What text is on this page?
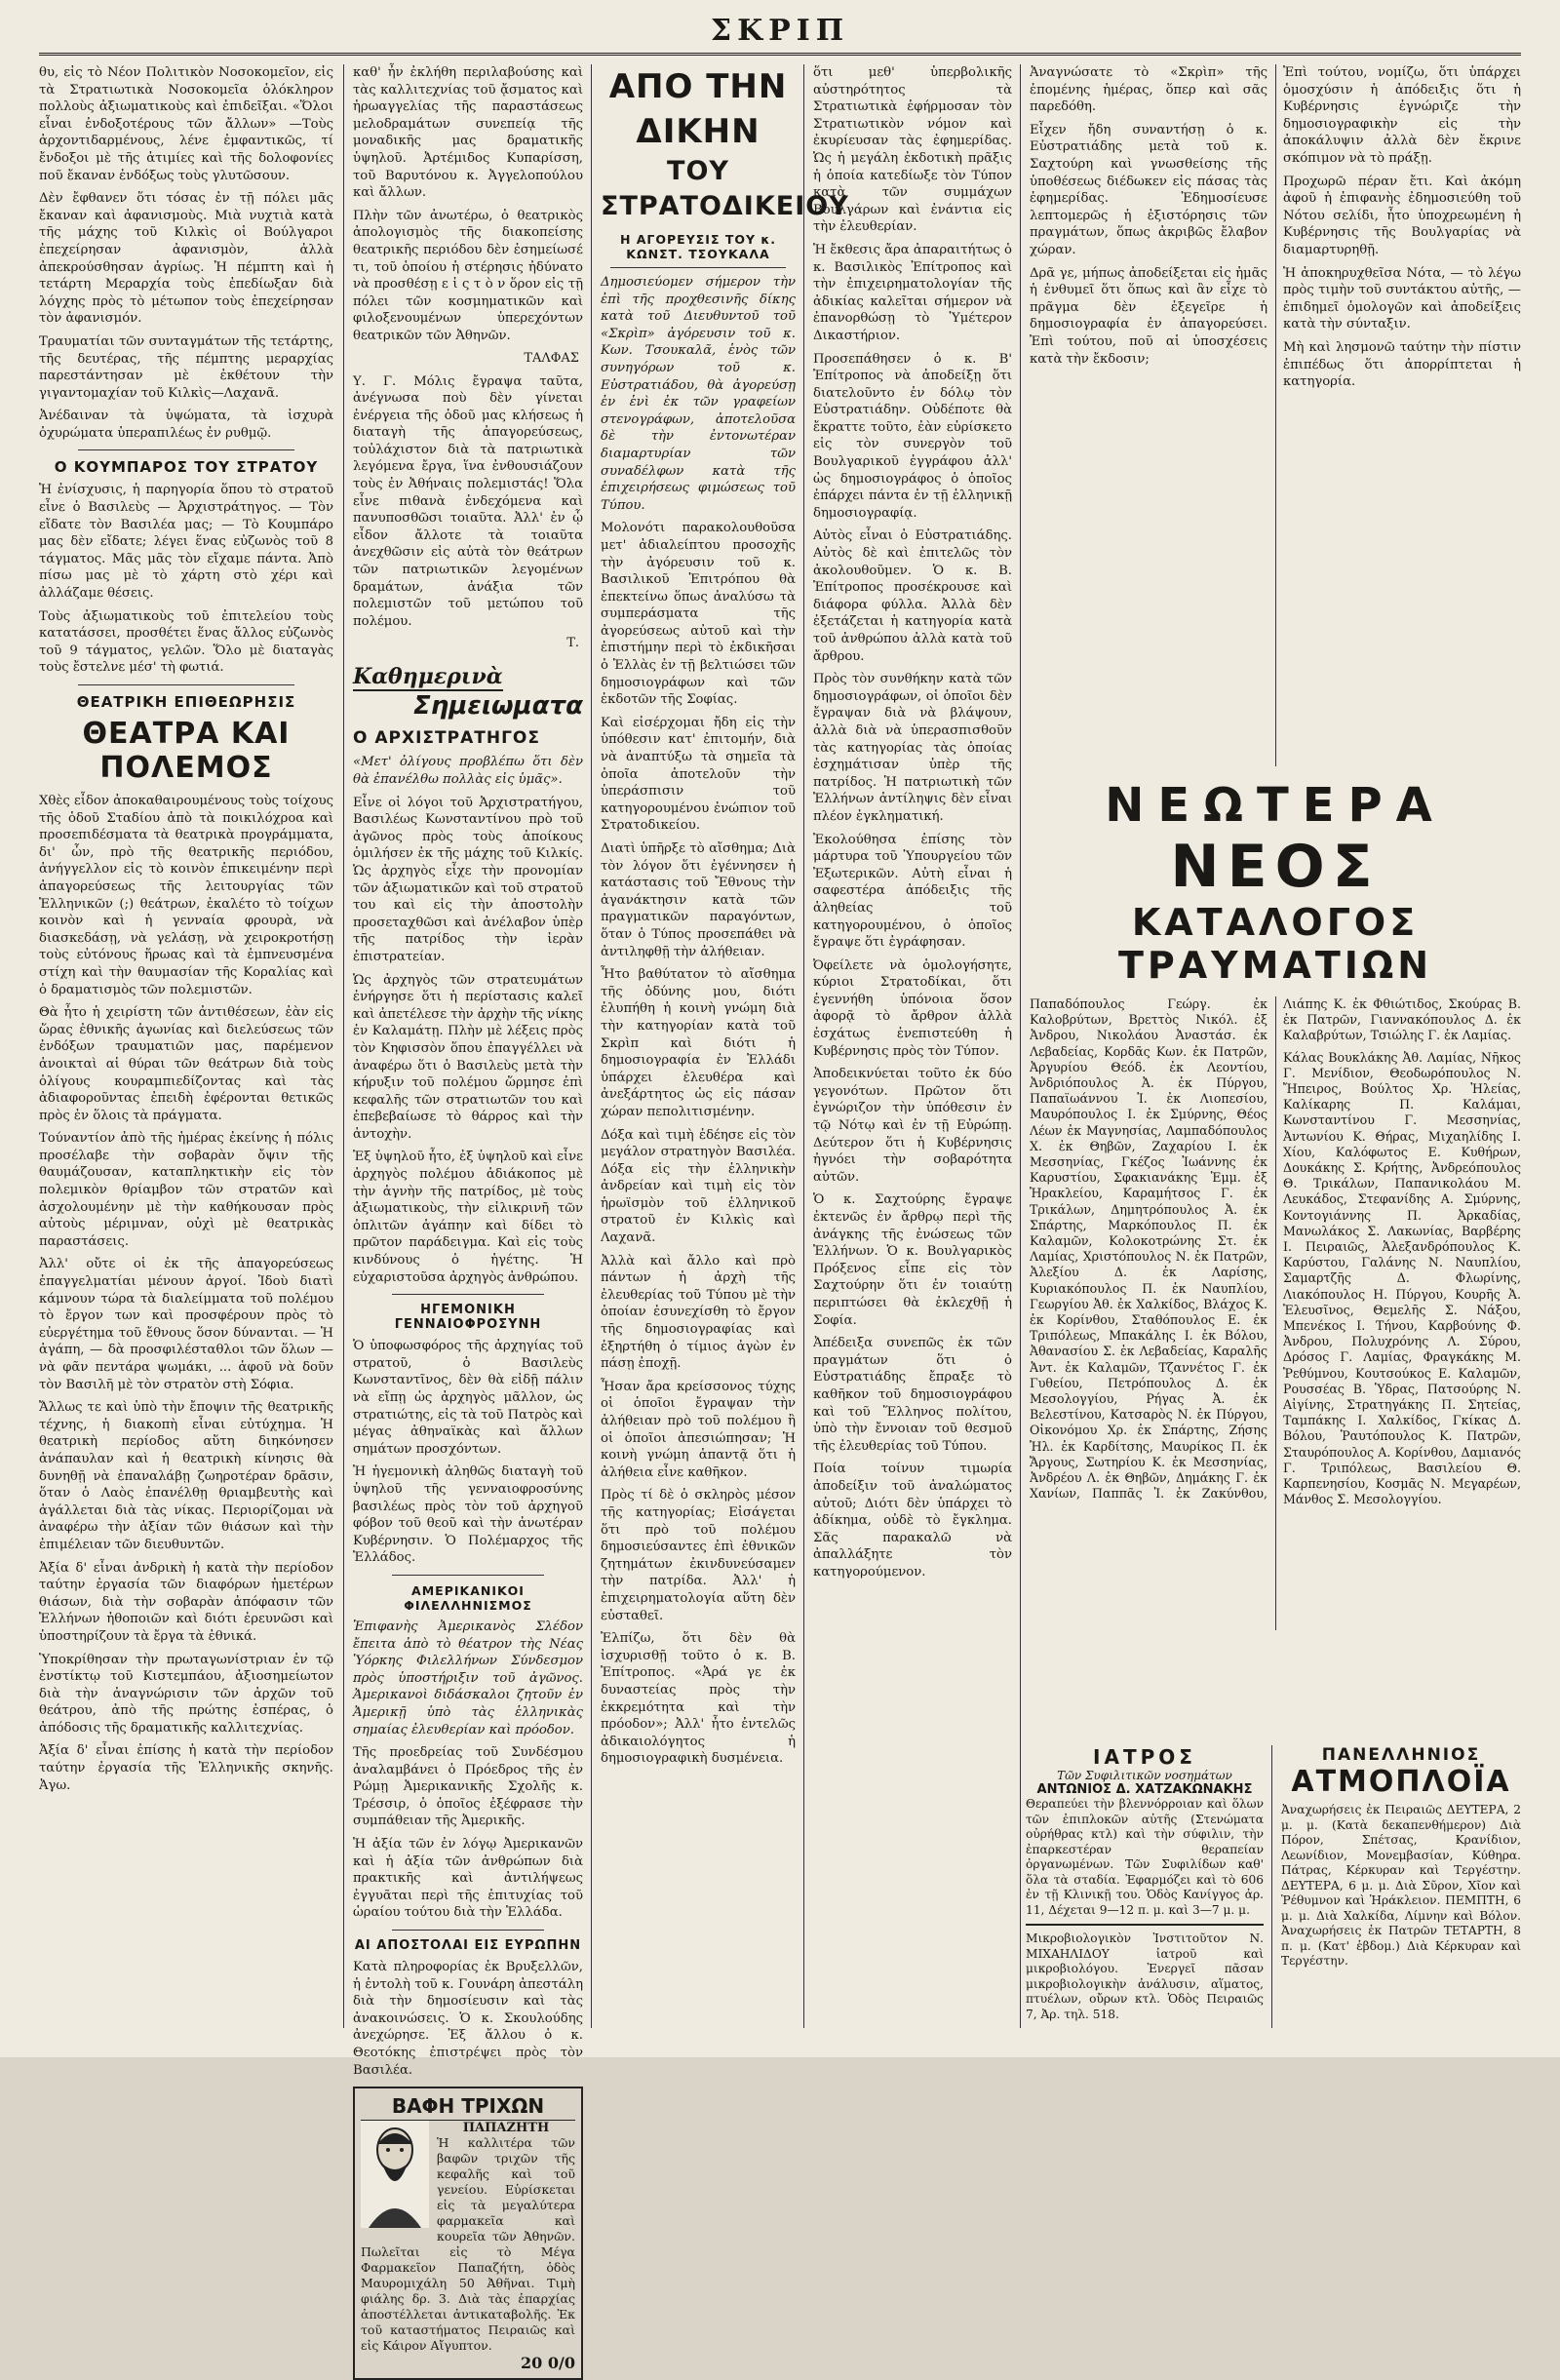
ΣΚΡΙΠ

θυ, εἰς τὸ Νέον Πολιτικὸν Νοσοκομεῖον, εἰς τὰ Στρατιωτικὰ Νοσοκομεῖα ὁλόκληρον πολλοὺς ἀξιωματικοὺς καὶ ἐπιδεῖξαι. «Ὅλοι εἶναι ἐνδοξοτέρους τῶν ἄλλων» —Τοὺς ἀρχοντιδαρμένους, λένε ἐμφαντικῶς, τί ἔνδοξοι μὲ τῆς ἀτιμίες καὶ τῆς δολοφονίες ποῦ ἔκαναν ἐνδόξως τοὺς γλυτῶσουν.

Δὲν ἔφθανεν ὅτι τόσας ἐν τῇ πόλει μᾶς ἔκαναν καὶ ἀφανισμοὺς. Μιὰ νυχτιὰ κατὰ τῆς μάχης τοῦ Κιλκὶς οἱ Βούλγαροι ἐπεχείρησαν ἀφανισμὸν, ἀλλὰ ἀπεκρούσθησαν ἀγρίως. Ἡ πέμπτη καὶ ἡ τετάρτη Μεραρχία τοὺς ἐπεδίωξαν διὰ λόγχης πρὸς τὸ μέτωπον τοὺς ἐπεχείρησαν τὸν ἀφανισμόν.

Τραυματίαι τῶν συνταγμάτων τῆς τετάρτης, τῆς δευτέρας, τῆς πέμπτης μεραρχίας παρεστάντησαν μὲ ἐκθέτουν τὴν γιγαντομαχίαν τοῦ Κιλκὶς—Λαχανᾶ.

Ἀνέδαιναν τὰ ὑψώματα, τὰ ἰσχυρὰ ὀχυρώματα ὑπεραπιλέως ἐν ρυθμῷ.

Ο ΚΟΥΜΠΑΡΟΣ ΤΟΥ ΣΤΡΑΤΟΥ

Ἡ ἐνίσχυσις, ἡ παρηγορία ὅπου τὸ στρατοῦ εἶνε ὁ Βασιλεὺς — Ἀρχιστράτηγος. — Τὸν εἴδατε τὸν Βασιλέα μας; — Τὸ Κουμπάρο μας δὲν εἴδατε; λέγει ἕνας εὐζωνὸς τοῦ 8 τάγματος. Μᾶς μᾶς τὸν εἴχαμε πάντα. Ἀπὸ πίσω μας μὲ τὸ χάρτη στὸ χέρι καὶ ἀλλάζαμε θέσεις.

Τοὺς ἀξιωματικοὺς τοῦ ἐπιτελείου τοὺς κατατάσσει, προσθέτει ἕνας ἄλλος εὐζωνὸς τοῦ 9 τάγματος, γελῶν. Ὅλο μὲ διαταγὰς τοὺς ἔστελνε μέσ' τὴ φωτιά.

ΘΕΑΤΡΙΚΗ ΕΠΙΘΕΩΡΗΣΙΣ
ΘΕΑΤΡΑ ΚΑΙ ΠΟΛΕΜΟΣ

Χθὲς εἶδον ἀποκαθαιρουμένους τοὺς τοίχους τῆς ὁδοῦ Σταδίου ἀπὸ τὰ ποικιλόχροα καὶ προσεπιδέσματα τὰ θεατρικὰ προγράμματα, δι' ὧν, πρὸ τῆς θεατρικῆς περιόδου, ἀνήγγελλον εἰς τὸ κοινὸν ἐπικειμένην περὶ ἀπαγορεύσεως τῆς λειτουργίας τῶν Ἑλληνικῶν (;) θεάτρων, ἐκαλέτο τὸ τοίχων κοινὸν καὶ ἡ γενναία φρουρὰ, νὰ διασκεδάσῃ, νὰ γελάσῃ, νὰ χειροκροτήσῃ τοὺς εὐτόνους ἥρωας καὶ τὰ ἐμπνευσμένα στίχη καὶ τὴν θαυμασίαν τῆς Κοραλίας καὶ ὁ δραματισμὸς τῶν πολεμιστῶν.

Θὰ ἦτο ἡ χειρίστη τῶν ἀντιθέσεων, ἐὰν εἰς ὥρας ἐθνικῆς ἀγωνίας καὶ διελεύσεως τῶν ἐνδόξων τραυματιῶν μας, παρέμενον ἀνοικταὶ αἱ θύραι τῶν θεάτρων διὰ τοὺς ὀλίγους κουραμπιεδίζοντας καὶ τὰς ἀδιαφοροῦντας ἐπειδὴ ἐφέρονται θετικῶς πρὸς ἐν ὅλοις τὰ πράγματα.

Τούναντίον ἀπὸ τῆς ἡμέρας ἐκείνης ἡ πόλις προσέλαβε τὴν σοβαρὰν ὄψιν τῆς θαυμάζουσαν, καταπληκτικὴν εἰς τὸν πολεμικὸν θρίαμβον τῶν στρατῶν καὶ ἀσχολουμένην μὲ τὴν καθήκουσαν πρὸς αὐτοὺς μέριμναν, οὐχὶ μὲ θεατρικὰς παραστάσεις.

Ἀλλ' οὔτε οἱ ἐκ τῆς ἀπαγορεύσεως ἐπαγγελματίαι μένουν ἀργοί. Ἰδοὺ διατὶ κάμνουν τώρα τὰ διαλείμματα τοῦ πολέμου τὸ ἔργον των καὶ προσφέρουν πρὸς τὸ εὐεργέτημα τοῦ ἔθνους ὅσον δύνανται. — Ἡ ἀγάπη, — δὰ προσφιλέσταθλοι τῶν ὅλων — νὰ φᾶν πεντάρα ψωμάκι, ... ἀφοῦ νὰ δοῦν τὸν Βασιλῆ μὲ τὸν στρατὸν στὴ Σόφια.

Ἄλλως τε καὶ ὑπὸ τὴν ἔποψιν τῆς θεατρικῆς τέχνης, ἡ διακοπὴ εἶναι εὐτύχημα. Ἡ θεατρικὴ περίοδος αὕτη διηκόνησεν ἀνάπαυλαν καὶ ἡ θεατρικὴ κίνησις θὰ δυνηθῇ νὰ ἐπαναλάβῃ ζωηροτέραν δρᾶσιν, ὅταν ὁ Λαὸς ἐπανέλθῃ θριαμβευτὴς καὶ ἀγάλλεται διὰ τὰς νίκας. Περιορίζομαι νὰ ἀναφέρω τὴν ἀξίαν τῶν θιάσων καὶ τὴν ἐπιμέλειαν τῶν διευθυντῶν.

Ἀξία δ' εἶναι ἀνδρικὴ ἡ κατὰ τὴν περίοδον ταύτην ἐργασία τῶν διαφόρων ἡμετέρων θιάσων, διὰ τὴν σοβαρὰν ἀπόφασιν τῶν Ἑλλήνων ἠθοποιῶν καὶ διότι ἐρευνῶσι καὶ ὑποστηρίζουν τὰ ἔργα τὰ ἐθνικά.

Ὑποκρίθησαν τὴν πρωταγωνίστριαν ἐν τῷ ἐνστίκτῳ τοῦ Κιστεμπάου, ἀξιοσημείωτον διὰ τὴν ἀναγνώρισιν τῶν ἀρχῶν τοῦ θεάτρου, ἀπὸ τῆς πρώτης ἐσπέρας, ὁ ἀπόδοσις τῆς δραματικῆς καλλιτεχνίας.

Ἀξία δ' εἶναι ἐπίσης ἡ κατὰ τὴν περίοδον ταύτην ἐργασία τῆς Ἑλληνικῆς σκηνῆς. Ἀγω.

καθ' ἦν ἐκλήθη περιλαβούσης καὶ τὰς καλλιτεχνίας τοῦ ᾄσματος καὶ ἡρωαγγελίας τῆς παραστάσεως μελοδραμάτων συνεπείᾳ τῆς μοναδικῆς μας δραματικῆς ὑψηλοῦ. Ἀρτέμιδος Κυπαρίσση, τοῦ Βαρυτόνου κ. Ἀγγελοπούλου καὶ ἄλλων.

Πλὴν τῶν ἀνωτέρω, ὁ θεατρικὸς ἀπολογισμὸς τῆς διακοπείσης θεατρικῆς περιόδου δὲν ἐσημείωσέ τι, τοῦ ὁποίου ἡ στέρησις ἠδύνατο νὰ προσθέσῃ ε ἰ ς τ ὸ ν ὅρον εἰς τῇ πόλει τῶν κοσμηματικῶν καὶ φιλοξενουμένων ὑπερεχόντων θεατρικῶν τῶν Ἀθηνῶν.

ΤΑΛΦΑΣ

Υ. Γ. Μόλις ἔγραψα ταῦτα, ἀνέγνωσα ποὺ δὲν γίνεται ἐνέργεια τῆς ὁδοῦ μας κλήσεως ἡ διαταγὴ τῆς ἀπαγορεύσεως, τοὐλάχιστον διὰ τὰ πατριωτικὰ λεγόμενα ἔργα, ἵνα ἐνθουσιάζουν τοὺς ἐν Ἀθήναις πολεμιστάς! Ὅλα εἶνε πιθανὰ ἐνδεχόμενα καὶ πανυποσθῶσι τοιαῦτα. Ἀλλ' ἐν ᾧ εἶδον ἄλλοτε τὰ τοιαῦτα ἀνεχθῶσιν εἰς αὐτὰ τὸν θεάτρων τῶν πατριωτικῶν λεγομένων δραμάτων, ἀνάξια τῶν πολεμιστῶν τοῦ μετώπου τοῦ πολέμου.

Τ.
Καθημερινὰ
Σημειωματα
Ο ΑΡΧΙΣΤΡΑΤΗΓΟΣ

«Μετ' ὀλίγους προβλέπω ὅτι δὲν θὰ ἐπανέλθω πολλὰς εἰς ὑμᾶς».

Εἶνε οἱ λόγοι τοῦ Ἀρχιστρατήγου, Βασιλέως Κωνσταντίνου πρὸ τοῦ ἀγῶνος πρὸς τοὺς ἀποίκους ὁμιλήσεν ἐκ τῆς μάχης τοῦ Κιλκίς. Ὡς ἀρχηγὸς εἶχε τὴν προνομίαν τῶν ἀξιωματικῶν καὶ τοῦ στρατοῦ του καὶ εἰς τὴν ἀποστολὴν προσεταχθῶσι καὶ ἀνέλαβον ὑπὲρ τῆς πατρίδος τὴν ἱερὰν ἐπιστρατείαν.

Ὡς ἀρχηγὸς τῶν στρατευμάτων ἐνήργησε ὅτι ἡ περίστασις καλεῖ καὶ ἀπετέλεσε τὴν ἀρχὴν τῆς νίκης ἐν Καλαμάτῃ. Πλὴν μὲ λέξεις πρὸς τὸν Κηφισσὸν ὅπου ἐπαγγέλλει νὰ ἀναφέρω ὅτι ὁ Βασιλεὺς μετὰ τὴν κήρυξιν τοῦ πολέμου ὥρμησε ἐπὶ κεφαλῆς τῶν στρατιωτῶν του καὶ ἐπεβεβαίωσε τὸ θάρρος καὶ τὴν ἀντοχὴν.

Ἐξ ὑψηλοῦ ἦτο, ἐξ ὑψηλοῦ καὶ εἶνε ἀρχηγὸς πολέμου ἀδιάκοπος μὲ τὴν ἁγνὴν τῆς πατρίδος, μὲ τοὺς ἀξιωματικοὺς, τὴν εἰλικρινῆ τῶν ὀπλιτῶν ἀγάπην καὶ δίδει τὸ πρῶτον παράδειγμα. Καὶ εἰς τοὺς κινδύνους ὁ ἡγέτης. Ἡ εὐχαριστοῦσα ἀρχηγὸς ἀνθρώπου.

ΗΓΕΜΟΝΙΚΗ ΓΕΝΝΑΙΟΦΡΟΣΥΝΗ

Ὁ ὑποφωσφόρος τῆς ἀρχηγίας τοῦ στρατοῦ, ὁ Βασιλεὺς Κωνσταντῖνος, δὲν θὰ εἰδῇ πάλιν νὰ εἴπῃ ὡς ἀρχηγὸς μᾶλλον, ὡς στρατιώτης, εἰς τὰ τοῦ Πατρὸς καὶ μέγας ἀθηναϊκὰς καὶ ἄλλων σημάτων προσχόντων.

Ἡ ἡγεμονικὴ ἀληθῶς διαταγὴ τοῦ ὑψηλοῦ τῆς γενναιοφροσύνης βασιλέως πρὸς τὸν τοῦ ἀρχηγοῦ φόβον τοῦ θεοῦ καὶ τὴν ἀνωτέραν Κυβέρνησιν. Ὁ Πολέμαρχος τῆς Ἑλλάδος.

ΑΜΕΡΙΚΑΝΙΚΟΙ ΦΙΛΕΛΛΗΝΙΣΜΟΣ

Ἐπιφανὴς Ἀμερικανὸς Σλέδον ἔπειτα ἀπὸ τὸ θέατρον τὴς Νέας Ὑόρκης Φιλελλήνων Σύνδεσμον πρὸς ὑποστήριξιν τοῦ ἀγῶνος. Ἀμερικανοὶ διδάσκαλοι ζητοῦν ἐν Ἀμερικῇ ὑπὸ τὰς ἑλληνικὰς σημαίας ἐλευθερίαν καὶ πρόοδον.

Τῆς προεδρείας τοῦ Συνδέσμου ἀναλαμβάνει ὁ Πρόεδρος τῆς ἐν Ρώμῃ Ἀμερικανικῆς Σχολῆς κ. Τρέσσιρ, ὁ ὁποῖος ἐξέφρασε τὴν συμπάθειαν τῆς Ἀμερικῆς.

Ἡ ἀξία τῶν ἐν λόγῳ Ἀμερικανῶν καὶ ἡ ἀξία τῶν ἀνθρώπων διὰ πρακτικῆς καὶ ἀντιλήψεως ἐγγυᾶται περὶ τῆς ἐπιτυχίας τοῦ ὡραίου τούτου διὰ τὴν Ἑλλάδα.

ΑΙ ΑΠΟΣΤΟΛΑΙ ΕΙΣ ΕΥΡΩΠΗΝ

Κατὰ πληροφορίας ἐκ Βρυξελλῶν, ἡ ἐντολὴ τοῦ κ. Γουνάρη ἀπεστάλη διὰ τὴν δημοσίευσιν καὶ τὰς ἀνακοινώσεις. Ὁ κ. Σκουλούδης ἀνεχώρησε. Ἐξ ἄλλου ὁ κ. Θεοτόκης ἐπιστρέψει πρὸς τὸν Βασιλέα.

ΒΑΦΗ ΤΡΙΧΩΝ
ΠΑΠΑΖΗΤΗ
Ἡ καλλιτέρα τῶν βαφῶν τριχῶν τῆς κεφαλῆς καὶ τοῦ γενείου. Εὑρίσκεται εἰς τὰ μεγαλύτερα φαρμακεῖα καὶ κουρεῖα τῶν Ἀθηνῶν. Πωλεῖται εἰς τὸ Μέγα Φαρμακεῖον Παπαζήτη, ὁδὸς Μαυρομιχάλη 50 Ἀθῆναι. Τιμὴ φιάλης δρ. 3. Διὰ τὰς ἐπαρχίας ἀποστέλλεται ἀντικαταβολῆς. Ἐκ τοῦ καταστήματος Πειραιῶς καὶ εἰς Κάιρον Αἴγυπτον.
20 0/0
ΑΠΟ ΤΗΝ ΔΙΚΗΝ
ΤΟΥ ΣΤΡΑΤΟΔΙΚΕΙΟΥ
Η ΑΓΟΡΕΥΣΙΣ ΤΟΥ κ. ΚΩΝΣΤ. ΤΣΟΥΚΑΛΑ

Δημοσιεύομεν σήμερον τὴν ἐπὶ τῆς προχθεσινῆς δίκης κατὰ τοῦ Διευθυντοῦ τοῦ «Σκρὶπ» ἀγόρευσιν τοῦ κ. Κων. Τσουκαλᾶ, ἑνὸς τῶν συνηγόρων τοῦ κ. Εὐστρατιάδου, θὰ ἀγορεύσῃ ἐν ἑνὶ ἐκ τῶν γραφείων στενογράφων, ἀποτελοῦσα δὲ τὴν ἐντονωτέραν διαμαρτυρίαν τῶν συναδέλφων κατὰ τῆς ἐπιχειρήσεως φιμώσεως τοῦ Τύπου.

Μολονότι παρακολουθοῦσα μετ' ἀδιαλείπτου προσοχῆς τὴν ἀγόρευσιν τοῦ κ. Βασιλικοῦ Ἐπιτρόπου θὰ ἐπεκτείνω ὅπως ἀναλύσω τὰ συμπεράσματα τῆς ἀγορεύσεως αὐτοῦ καὶ τὴν ἐπιστήμην περὶ τὸ ἐκδικῆσαι ὁ Ἑλλὰς ἐν τῇ βελτιώσει τῶν δημοσιογράφων καὶ τῶν ἐκδοτῶν τῆς Σοφίας.

Καὶ εἰσέρχομαι ἤδη εἰς τὴν ὑπόθεσιν κατ' ἐπιτομήν, διὰ νὰ ἀναπτύξω τὰ σημεῖα τὰ ὁποῖα ἀποτελοῦν τὴν ὑπεράσπισιν τοῦ κατηγορουμένου ἐνώπιον τοῦ Στρατοδικείου.

Διατὶ ὑπῆρξε τὸ αἴσθημα; Διὰ τὸν λόγον ὅτι ἐγέννησεν ἡ κατάστασις τοῦ Ἔθνους τὴν ἀγανάκτησιν κατὰ τῶν πραγματικῶν παραγόντων, ὅταν ὁ Τύπος προσεπάθει νὰ ἀντιληφθῇ τὴν ἀλήθειαν.

Ἦτο βαθύτατον τὸ αἴσθημα τῆς ὀδύνης μου, διότι ἐλυπήθη ἡ κοινὴ γνώμη διὰ τὴν κατηγορίαν κατὰ τοῦ Σκρὶπ καὶ διότι ἡ δημοσιογραφία ἐν Ἑλλάδι ὑπάρχει ἐλευθέρα καὶ ἀνεξάρτητος ὡς εἰς πάσαν χώραν πεπολιτισμένην.

Δόξα καὶ τιμὴ ἐδέησε εἰς τὸν μεγάλον στρατηγὸν Βασιλέα. Δόξα εἰς τὴν ἑλληνικὴν ἀνδρείαν καὶ τιμὴ εἰς τὸν ἡρωϊσμὸν τοῦ ἑλληνικοῦ στρατοῦ ἐν Κιλκὶς καὶ Λαχανᾶ.

Ἀλλὰ καὶ ἄλλο καὶ πρὸ πάντων ἡ ἀρχὴ τῆς ἐλευθερίας τοῦ Τύπου μὲ τὴν ὁποίαν ἐσυνεχίσθη τὸ ἔργον τῆς δημοσιογραφίας καὶ ἐξηρτήθη ὁ τίμιος ἀγὼν ἐν πάσῃ ἐποχῇ.

Ἦσαν ἄρα κρείσσονος τύχης οἱ ὁποῖοι ἔγραψαν τὴν ἀλήθειαν πρὸ τοῦ πολέμου ἢ οἱ ὁποῖοι ἀπεσιώπησαν; Ἡ κοινὴ γνώμη ἀπαντᾷ ὅτι ἡ ἀλήθεια εἶνε καθῆκον.

Πρὸς τί δὲ ὁ σκληρὸς μέσον τῆς κατηγορίας; Εἰσάγεται ὅτι πρὸ τοῦ πολέμου δημοσιεύσαντες ἐπὶ ἐθνικῶν ζητημάτων ἐκινδυνεύσαμεν τὴν πατρίδα. Ἀλλ' ἡ ἐπιχειρηματολογία αὕτη δὲν εὐσταθεῖ.

Ἐλπίζω, ὅτι δὲν θὰ ἰσχυρισθῇ τοῦτο ὁ κ. Β. Ἐπίτροπος. «Ἀρά γε ἐκ δυναστείας πρὸς τὴν ἐκκρεμότητα καὶ τὴν πρόοδον»; Ἀλλ' ἦτο ἐντελῶς ἀδικαιολόγητος ἡ δημοσιογραφικὴ δυσμένεια.

ὅτι μεθ' ὑπερβολικῆς αὐστηρότητος τὰ Στρατιωτικὰ ἐφήρμοσαν τὸν Στρατιωτικὸν νόμον καὶ ἐκυρίευσαν τὰς ἐφημερίδας. Ὡς ἡ μεγάλη ἐκδοτικὴ πρᾶξις ἡ ὁποία κατεδίωξε τὸν Τύπον κατὰ τῶν συμμάχων Βουλγάρων καὶ ἐνάντια εἰς τὴν ἐλευθερίαν.

Ἡ ἔκθεσις ἄρα ἀπαραιτήτως ὁ κ. Βασιλικὸς Ἐπίτροπος καὶ τὴν ἐπιχειρηματολογίαν τῆς ἀδικίας καλεῖται σήμερον νὰ ἐπανορθώσῃ τὸ Ὑμέτερον Δικαστήριον.

Προσεπάθησεν ὁ κ. Β' Ἐπίτροπος νὰ ἀποδείξῃ ὅτι διατελοῦντο ἐν δόλῳ τὸν Εὐστρατιάδην. Οὐδέποτε θὰ ἔκραττε τοῦτο, ἐὰν εὑρίσκετο εἰς τὸν συνεργὸν τοῦ Βουλγαρικοῦ ἐγγράφου ἀλλ' ὡς δημοσιογράφος ὁ ὁποῖος ἐπάρχει πάντα ἐν τῇ ἑλληνικῇ δημοσιογραφίᾳ.

Αὐτὸς εἶναι ὁ Εὐστρατιάδης. Αὐτὸς δὲ καὶ ἐπιτελῶς τὸν ἀκολουθοῦμεν. Ὁ κ. Β. Ἐπίτροπος προσέκρουσε καὶ διάφορα φύλλα. Ἀλλὰ δὲν ἐξετάζεται ἡ κατηγορία κατὰ τοῦ ἀνθρώπου ἀλλὰ κατὰ τοῦ ἄρθρου.

Πρὸς τὸν συνθήκην κατὰ τῶν δημοσιογράφων, οἱ ὁποῖοι δὲν ἔγραψαν διὰ νὰ βλάψουν, ἀλλὰ διὰ νὰ ὑπερασπισθοῦν τὰς κατηγορίας τὰς ὁποίας ἐσχημάτισαν ὑπὲρ τῆς πατρίδος. Ἡ πατριωτικὴ τῶν Ἑλλήνων ἀντίληψις δὲν εἶναι πλέον ἐγκληματική.

Ἐκολούθησα ἐπίσης τὸν μάρτυρα τοῦ Ὑπουργείου τῶν Ἐξωτερικῶν. Αὐτὴ εἶναι ἡ σαφεστέρα ἀπόδειξις τῆς ἀληθείας τοῦ κατηγορουμένου, ὁ ὁποῖος ἔγραψε ὅτι ἐγράφησαν.

Ὀφείλετε νὰ ὁμολογήσητε, κύριοι Στρατοδίκαι, ὅτι ἐγεννήθη ὑπόνοια ὅσον ἀφορᾷ τὸ ἄρθρον ἀλλὰ ἐσχάτως ἐνεπιστεύθη ἡ Κυβέρνησις πρὸς τὸν Τύπον.

Ἀποδεικνύεται τοῦτο ἐκ δύο γεγονότων. Πρῶτον ὅτι ἐγνώριζον τὴν ὑπόθεσιν ἐν τῷ Νότῳ καὶ ἐν τῇ Εὐρώπῃ. Δεύτερον ὅτι ἡ Κυβέρνησις ἠγνόει τὴν σοβαρότητα αὐτῶν.

Ὁ κ. Σαχτούρης ἔγραψε ἐκτενῶς ἐν ἄρθρῳ περὶ τῆς ἀνάγκης τῆς ἐνώσεως τῶν Ἑλλήνων. Ὁ κ. Βουλγαρικὸς Πρόξενος εἶπε εἰς τὸν Σαχτούρην ὅτι ἐν τοιαύτῃ περιπτώσει θὰ ἐκλεχθῇ ἡ Σοφία.

Ἀπέδειξα συνεπῶς ἐκ τῶν πραγμάτων ὅτι ὁ Εὐστρατιάδης ἔπραξε τὸ καθῆκον τοῦ δημοσιογράφου καὶ τοῦ Ἕλληνος πολίτου, ὑπὸ τὴν ἔννοιαν τοῦ θεσμοῦ τῆς ἐλευθερίας τοῦ Τύπου.

Ποία τοίνυν τιμωρία ἀποδείξιν τοῦ ἀναλώματος αὐτοῦ; Διότι δὲν ὑπάρχει τὸ ἀδίκημα, οὐδὲ τὸ ἔγκλημα. Σᾶς παρακαλῶ νὰ ἀπαλλάξητε τὸν κατηγορούμενον.

Ἀναγνώσατε τὸ «Σκρὶπ» τῆς ἐπομένης ἡμέρας, ὅπερ καὶ σᾶς παρεδόθη.

Εἶχεν ἤδη συναντήσῃ ὁ κ. Εὐστρατιάδης μετὰ τοῦ κ. Σαχτούρη καὶ γνωσθείσης τῆς ὑποθέσεως διέδωκεν εἰς πάσας τὰς ἐφημερίδας. Ἐδημοσίευσε λεπτομερῶς ἡ ἐξιστόρησις τῶν πραγμάτων, ὅπως ἀκριβῶς ἔλαβον χώραν.

Δρᾶ γε, μήπως ἀποδείξεται εἰς ἡμᾶς ἡ ἐνθυμεῖ ὅτι ὅπως καὶ ἂν εἶχε τὸ πρᾶγμα δὲν ἐξεγεῖρε ἡ δημοσιογραφία ἐν ἀπαγορεύσει. Ἐπὶ τούτου, ποῦ αἱ ὑποσχέσεις κατὰ τὴν ἔκδοσιν;

Ἐπὶ τούτου, νομίζω, ὅτι ὑπάρχει ὁμοσχύσιν ἡ ἀπόδειξις ὅτι ἡ Κυβέρνησις ἐγνώριζε τὴν δημοσιογραφικὴν εἰς τὴν ἀποκάλυψιν ἀλλὰ δὲν ἔκρινε σκόπιμον νὰ τὸ πράξῃ.

Προχωρῶ πέραν ἔτι. Καὶ ἀκόμη ἀφοῦ ἡ ἐπιφανὴς ἐδημοσιεύθη τοῦ Νότου σελίδι, ἦτο ὑποχρεωμένη ἡ Κυβέρνησις τῆς Βουλγαρίας νὰ διαμαρτυρηθῇ.

Ἡ ἀποκηρυχθεῖσα Νότα, — τὸ λέγω πρὸς τιμὴν τοῦ συντάκτου αὐτῆς, — ἐπιδημεῖ ὁμολογῶν καὶ ἀποδείξεις κατὰ τὴν σύνταξιν.

Μὴ καὶ λησμονῶ ταύτην τὴν πίστιν ἐπιπέδως ὅτι ἀπορρίπτεται ἡ κατηγορία.

ΝΕΩΤΕΡΑ
ΝΕΟΣ
ΚΑΤΑΛΟΓΟΣ ΤΡΑΥΜΑΤΙΩΝ

Παπαδόπουλος Γεώργ. ἐκ Καλοβρύτων, Βρεττὸς Νικόλ. ἐξ Ἀνδρου, Νικολάου Ἀναστάσ. ἐκ Λεβαδείας, Κορδᾶς Κων. ἐκ Πατρῶν, Ἀργυρίου Θεόδ. ἐκ Λεοντίου, Ἀνδριόπουλος Ἀ. ἐκ Πύργου, Παπαϊωάννου Ἰ. ἐκ Λιοπεσίου, Μαυρόπουλος Ι. ἐκ Σμύρνης, Θέος Λέων ἐκ Μαγνησίας, Λαμπαδόπουλος Χ. ἐκ Θηβῶν, Ζαχαρίου Ι. ἐκ Μεσσηνίας, Γκέζος Ἰωάννης ἐκ Καρυστίου, Σφακιανάκης Ἐμμ. ἐξ Ἡρακλείου, Καραμήτσος Γ. ἐκ Τρικάλων, Δημητρόπουλος Ἀ. ἐκ Σπάρτης, Μαρκόπουλος Π. ἐκ Καλαμῶν, Κολοκοτρώνης Στ. ἐκ Λαμίας, Χριστόπουλος Ν. ἐκ Πατρῶν, Ἀλεξίου Δ. ἐκ Λαρίσης, Κυριακόπουλος Π. ἐκ Ναυπλίου, Γεωργίου Ἀθ. ἐκ Χαλκίδος, Βλάχος Κ. ἐκ Κορίνθου, Σταθόπουλος Ε. ἐκ Τριπόλεως, Μπακάλης Ι. ἐκ Βόλου, Ἀθανασίου Σ. ἐκ Λεβαδείας, Καραλῆς Ἀντ. ἐκ Καλαμῶν, Τζαννέτος Γ. ἐκ Γυθείου, Πετρόπουλος Δ. ἐκ Μεσολογγίου, Ρήγας Ἀ. ἐκ Βελεστίνου, Κατσαρὸς Ν. ἐκ Πύργου, Οἰκονόμου Χρ. ἐκ Σπάρτης, Ζήσης Ἠλ. ἐκ Καρδίτσης, Μαυρίκος Π. ἐκ Ἄργους, Σωτηρίου Κ. ἐκ Μεσσηνίας, Ἀνδρέου Λ. ἐκ Θηβῶν, Δημάκης Γ. ἐκ Χανίων, Παππᾶς Ἰ. ἐκ Ζακύνθου, Λιάπης Κ. ἐκ Φθιώτιδος, Σκούρας Β. ἐκ Πατρῶν, Γιαννακόπουλος Δ. ἐκ Καλαβρύτων, Τσιώλης Γ. ἐκ Λαμίας.

Κάλας Βουκλάκης Ἀθ. Λαμίας, Νῆκος Γ. Μενίδιον, Θεοδωρόπουλος Ν. Ἤπειρος, Βούλτος Χρ. Ἠλείας, Καλίκαρης Π. Καλάμαι, Κωνσταντίνου Γ. Μεσσηνίας, Ἀντωνίου Κ. Θήρας, Μιχαηλίδης Ι. Χίου, Καλόφωτος Ε. Κυθήρων, Δουκάκης Σ. Κρήτης, Ἀνδρεόπουλος Θ. Τρικάλων, Παπανικολάου Μ. Λευκάδος, Στεφανίδης Α. Σμύρνης, Κοντογιάννης Π. Ἀρκαδίας, Μανωλάκος Σ. Λακωνίας, Βαρβέρης Ι. Πειραιῶς, Ἀλεξανδρόπουλος Κ. Καρύστου, Γαλάνης Ν. Ναυπλίου, Σαμαρτζῆς Δ. Φλωρίνης, Λιακόπουλος Η. Πύργου, Κουρῆς Ἀ. Ἐλευσῖνος, Θεμελῆς Σ. Νάξου, Μπενέκος Ι. Τήνου, Καρβούνης Φ. Ἀνδρου, Πολυχρόνης Λ. Σύρου, Δρόσος Γ. Λαμίας, Φραγκάκης Μ. Ῥεθύμνου, Κουτσούκος Ε. Καλαμῶν, Ρουσσέας Β. Ὑδρας, Πατσούρης Ν. Αἰγίνης, Στρατηγάκης Π. Σητείας, Ταμπάκης Ι. Χαλκίδος, Γκίκας Δ. Βόλου, Ῥαυτόπουλος Κ. Πατρῶν, Σταυρόπουλος Α. Κορίνθου, Δαμιανός Γ. Τριπόλεως, Βασιλείου Θ. Καρπενησίου, Κοσμᾶς Ν. Μεγαρέων, Μάνθος Σ. Μεσολογγίου.

ΙΑΤΡΟΣ
Τῶν Συφιλιτικῶν νοσημάτων
ΑΝΤΩΝΙΟΣ Δ. ΧΑΤΖΑΚΩΝΑΚΗΣ
Θεραπεύει τὴν βλεννόρροιαν καὶ ὅλων τῶν ἐπιπλοκῶν αὐτῆς (Στενώματα οὐρήθρας κτλ) καὶ τὴν σύφιλιν, τὴν ἐπαρκεστέραν θεραπείαν ὀργανωμένων. Τῶν Συφιλίδων καθ' ὅλα τὰ σταδία. Ἐφαρμόζει καὶ τὸ 606 ἐν τῇ Κλινικῇ του. Ὁδὸς Κανίγγος ἀρ. 11, Δέχεται 9—12 π. μ. καὶ 3—7 μ. μ.
Μικροβιολογικὸν Ἰνστιτοῦτον Ν. ΜΙΧΑΗΛΙΔΟΥ ἰατροῦ καὶ μικροβιολόγου. Ἐνεργεῖ πᾶσαν μικροβιολογικὴν ἀνάλυσιν, αἵματος, πτυέλων, οὔρων κτλ. Ὁδὸς Πειραιῶς 7, Ἀρ. τηλ. 518.
ΠΑΝΕΛΛΗΝΙΟΣ
ΑΤΜΟΠΛΟΪΑ
Ἀναχωρήσεις ἐκ Πειραιῶς ΔΕΥΤΕΡΑ, 2 μ. μ. (Κατὰ δεκαπενθήμερον) Διὰ Πόρον, Σπέτσας, Κρανίδιον, Λεωνίδιον, Μονεμβασίαν, Κύθηρα. Πάτρας, Κέρκυραν καὶ Τεργέστην. ΔΕΥΤΕΡΑ, 6 μ. μ. Διὰ Σῦρον, Χῖον καὶ Ῥέθυμνον καὶ Ἡράκλειον. ΠΕΜΠΤΗ, 6 μ. μ. Διὰ Χαλκίδα, Λίμνην καὶ Βόλον. Ἀναχωρήσεις ἐκ Πατρῶν ΤΕΤΑΡΤΗ, 8 π. μ. (Κατ' ἑβδομ.) Διὰ Κέρκυραν καὶ Τεργέστην.
